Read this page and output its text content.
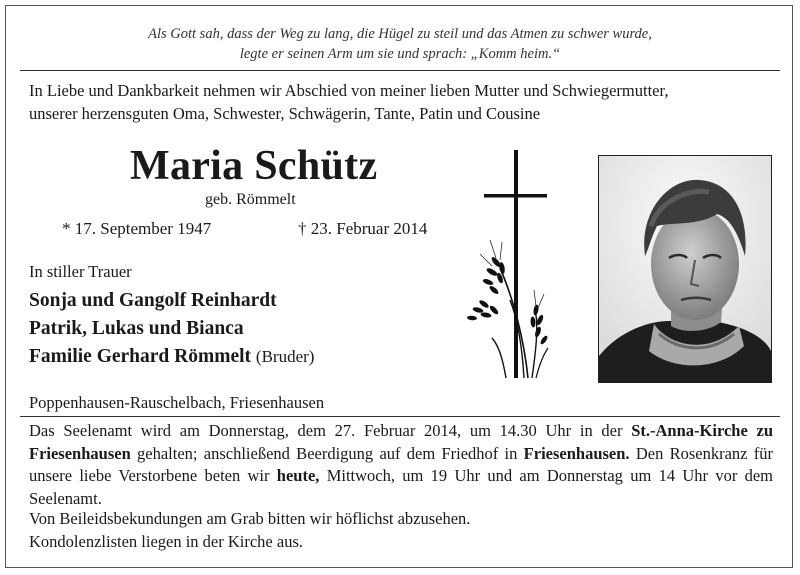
Als Gott sah, dass der Weg zu lang, die Hügel zu steil und das Atmen zu schwer wurde,
legte er seinen Arm um sie und sprach: „Komm heim.“
In Liebe und Dankbarkeit nehmen wir Abschied von meiner lieben Mutter und Schwiegermutter,
unserer herzensguten Oma, Schwester, Schwägerin, Tante, Patin und Cousine
Maria Schütz
geb. Römmelt
* 17. September 1947	† 23. Februar 2014
In stiller Trauer
Sonja und Gangolf Reinhardt
Patrik, Lukas und Bianca
Familie Gerhard Römmelt (Bruder)
Poppenhausen-Rauschelbach, Friesenhausen
Das Seelenamt wird am Donnerstag, dem 27. Februar 2014, um 14.30 Uhr in der St.-Anna-Kirche zu Friesenhausen gehalten; anschließend Beerdigung auf dem Friedhof in Friesenhausen. Den Rosenkranz für unsere liebe Verstorbene beten wir heute, Mittwoch, um 19 Uhr und am Donnerstag um 14 Uhr vor dem Seelenamt.
Von Beileidsbekundungen am Grab bitten wir höflichst abzusehen.
Kondolenzlisten liegen in der Kirche aus.
